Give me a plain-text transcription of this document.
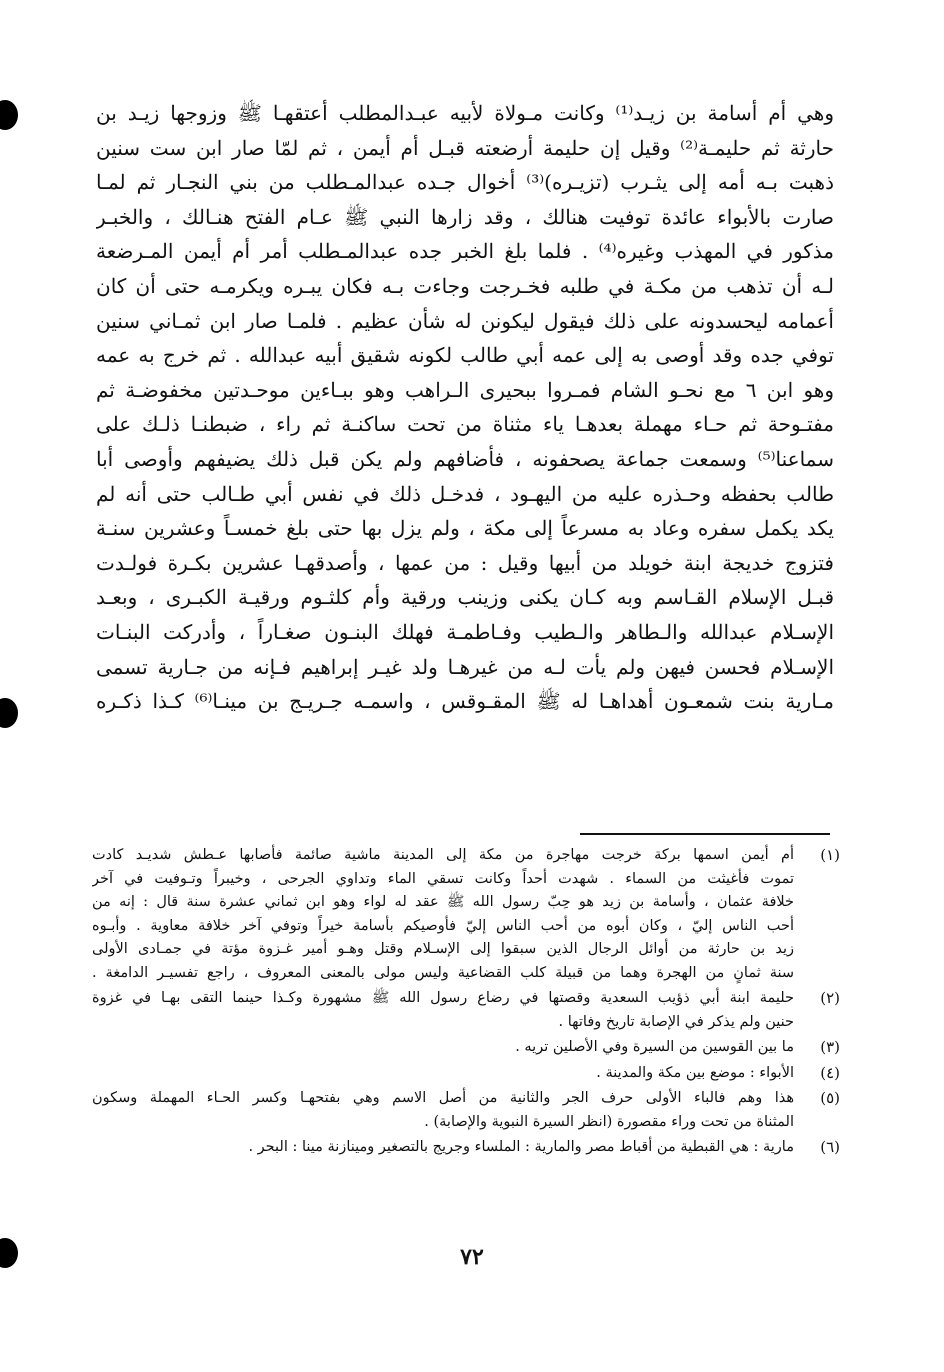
وهي أم أسامة بن زيـد⁽¹⁾ وكانت مـولاة لأبيه عبـدالمطلب أعتقهـا ﷺ وزوجها زيـد بن
حارثة ثم حليمـة⁽²⁾ وقيل إن حليمة أرضعته قبـل أم أيمن ، ثم لمّا صار ابن ست سنين
ذهبت بـه أمه إلى يثـرب (تزيـره)⁽³⁾ أخوال جـده عبدالمـطلب من بني النجـار ثم لمـا
صارت بالأبواء عائدة توفيت هنالك ، وقد زارها النبي ﷺ عـام الفتح هنـالك ، والخبـر
مذكور في المهذب وغيره⁽⁴⁾ . فلما بلغ الخبر جده عبدالمـطلب أمر أم أيمن المـرضعة
لـه أن تذهب من مكـة في طلبه فخـرجت وجاءت بـه فكان يبـره ويكرمـه حتى أن كان
أعمامه ليحسدونه على ذلك فيقول ليكونن له شأن عظيم . فلمـا صار ابن ثمـاني سنين
توفي جده وقد أوصى به إلى عمه أبي طالب لكونه شقيق أبيه عبدالله . ثم خرج به عمه
وهو ابن ٦ مع نحـو الشام فمـروا ببحيرى الـراهب وهو ببـاءين موحـدتين مخفوضـة ثم
مفتـوحة ثم حـاء مهملة بعدهـا ياء مثناة من تحت ساكنـة ثم راء ، ضبطنـا ذلـك على
سماعنا⁽⁵⁾ وسمعت جماعة يصحفونه ، فأضافهم ولم يكن قبل ذلك يضيفهم وأوصى أبا
طالب بحفظه وحـذره عليه من اليهـود ، فدخـل ذلك في نفس أبي طـالب حتى أنه لم
يكد يكمل سفره وعاد به مسرعاً إلى مكة ، ولم يزل بها حتى بلغ خمسـاً وعشرين سنـة
فتزوج خديجة ابنة خويلد من أبيها وقيل : من عمها ، وأصدقهـا عشرين بكـرة فولـدت
قبـل الإسلام القـاسم وبه كـان يكنى وزينب ورقية وأم كلثـوم ورقيـة الكبـرى ، وبعـد
الإسـلام عبدالله والـطاهر والـطيب وفـاطمـة فهلك البنـون صغـاراً ، وأدركت البنـات
الإسـلام فحسن فيهن ولم يأت لـه من غيرهـا ولد غيـر إبراهيم فـإنه من جـارية تسمى
مـارية بنت شمعـون أهداهـا له ﷺ المقـوقس ، واسمـه جـريـج بن مينـا⁽⁶⁾ كـذا ذكـره
(١)
أم أيمن اسمها بركة خرجت مهاجرة من مكة إلى المدينة ماشية صائمة فأصابها عـطش شديـد كادت
تموت فأغيثت من السماء . شهدت أحداً وكانت تسقي الماء وتداوي الجرحى ، وخيبراً وتـوفيت في آخر
خلافة عثمان ، وأسامة بن زيد هو حِبّ رسول الله ﷺ عقد له لواء وهو ابن ثماني عشرة سنة قال : إنه من
أحب الناس إليّ ، وكان أبوه من أحب الناس إليّ فأوصيكم بأسامة خيراً وتوفي آخر خلافة معاوية . وأبـوه
زيد بن حارثة من أوائل الرجال الذين سبقوا إلى الإسـلام وقتل وهـو أمير غـزوة مؤتة في جمـادى الأولى
سنة ثمانٍ من الهجرة وهما من قبيلة كلب القضاعية وليس مولى بالمعنى المعروف ، راجع تفسيـر الدامغة .
(٢)
حليمة ابنة أبي ذؤيب السعدية وقصتها في رضاع رسول الله ﷺ مشهورة وكـذا حينما التقى بهـا في غزوة
حنين ولم يذكر في الإصابة تاريخ وفاتها .
(٣)
ما بين القوسين من السيرة وفي الأصلين تريه .
(٤)
الأبواء : موضع بين مكة والمدينة .
(٥)
هذا وهم فالباء الأولى حرف الجر والثانية من أصل الاسم وهي بفتحهـا وكسر الحـاء المهملة وسكون
المثناة من تحت وراء مقصورة (انظر السيرة النبوية والإصابة) .
(٦)
مارية : هي القبطية من أقباط مصر والمارية : الملساء وجريج بالتصغير ومينازنة مينا : البحر .
٧٢
